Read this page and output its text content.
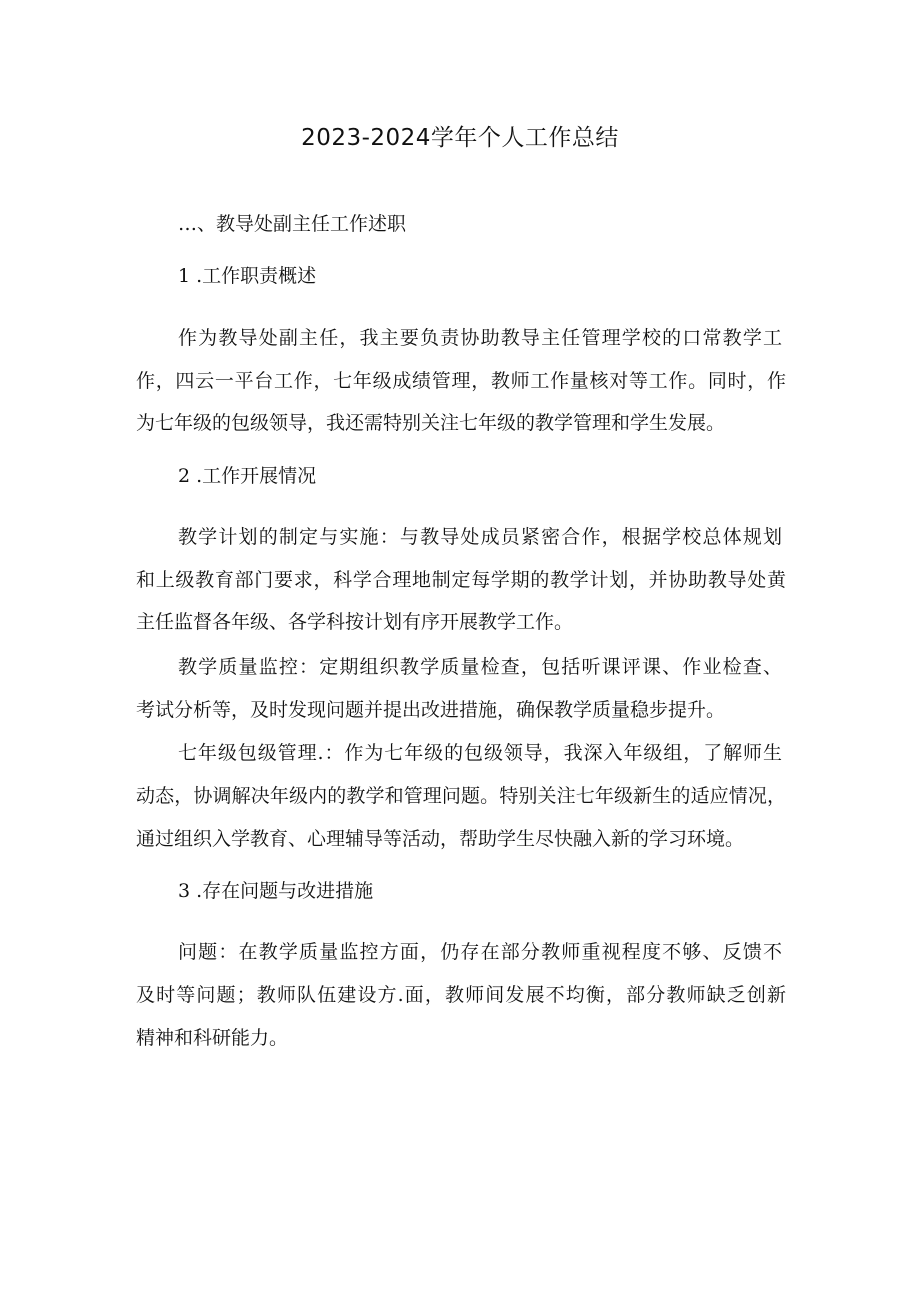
2023-2024学年个人工作总结
…、教导处副主任工作述职
1 .工作职责概述
作为教导处副主任，我主要负责协助教导主任管理学校的口常教学工
作，四云一平台工作，七年级成绩管理，教师工作量核对等工作。同时，作
为七年级的包级领导，我还需特别关注七年级的教学管理和学生发展。
2 .工作开展情况
教学计划的制定与实施：与教导处成员紧密合作，根据学校总体规划
和上级教育部门要求，科学合理地制定每学期的教学计划，并协助教导处黄
主任监督各年级、各学科按计划有序开展教学工作。
教学质量监控：定期组织教学质量检查，包括听课评课、作业检查、
考试分析等，及时发现问题并提出改进措施，确保教学质量稳步提升。
七年级包级管理.：作为七年级的包级领导，我深入年级组，了解师生
动态，协调解决年级内的教学和管理问题。特别关注七年级新生的适应情况，
通过组织入学教育、心理辅导等活动，帮助学生尽快融入新的学习环境。
3 .存在问题与改进措施
问题：在教学质量监控方面，仍存在部分教师重视程度不够、反馈不
及时等问题；教师队伍建设方.面，教师间发展不均衡，部分教师缺乏创新
精神和科研能力。
